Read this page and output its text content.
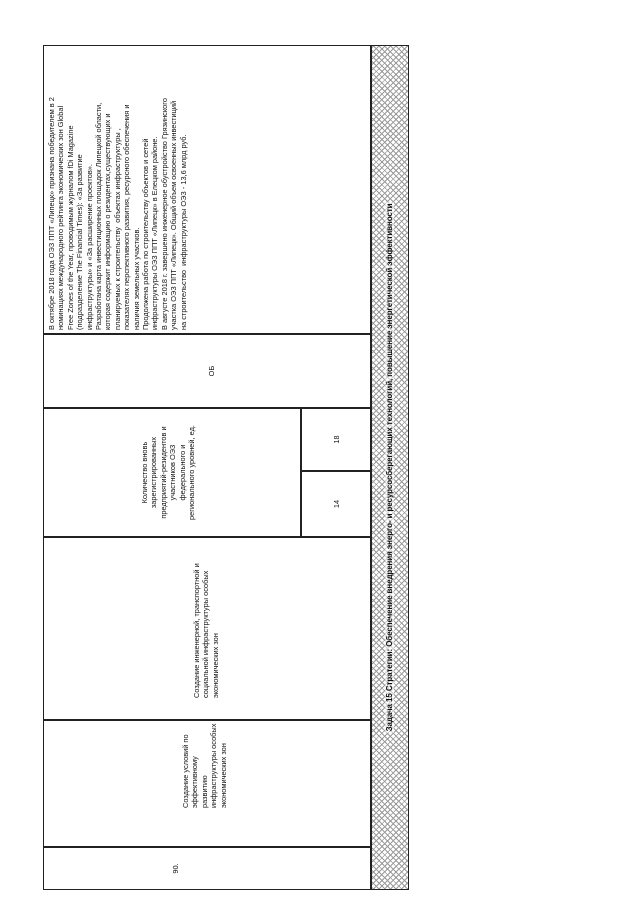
90.
Создание условий по
эффективному развитию
инфраструктуры особых
экономических зон
Создание инженерной, транспортной и
социальной инфраструктуры особых
экономических зон
Количество вновь
зарегистрированных
предприятий-резидентов и
участников ОЭЗ
федерального и
регионального уровней, ед.
14
18
ОБ
В октябре 2018 года ОЭЗ ППТ «Липецк» признана победителем в 2
номинациях международного рейтинга экономических зон Global
Free Zones of the Year, проводимым журналом fDi Magazine
(подразделение The Financial Times): «За развитие
инфраструктуры» и «За расширение проектов».
Разработана карта инвестиционных площадок Липецкой области,
которая содержит информацию о резидентах,существующих и
планируемых к строительству  объектах инфраструктуры ,
показателях перспективного развития, ресурсного обеспечения и
наличия земельных участков.
Продолжена работа по строительству объектов и сетей
инфраструктуры ОЭЗ ППТ «Липецк» в Елецком районе.
В августе 2018 г. завершено инженерное обустройство Грязинского
участка ОЭЗ ППТ «Липецк». Общий объем освоенных инвестиций
на строительство  инфраструктуры ОЭЗ - 13,6 млрд руб.
Задача 15 Стратегии: Обеспечение внедрения энерго- и ресурсосберегающих технологий, повышение энергетической эффективности
